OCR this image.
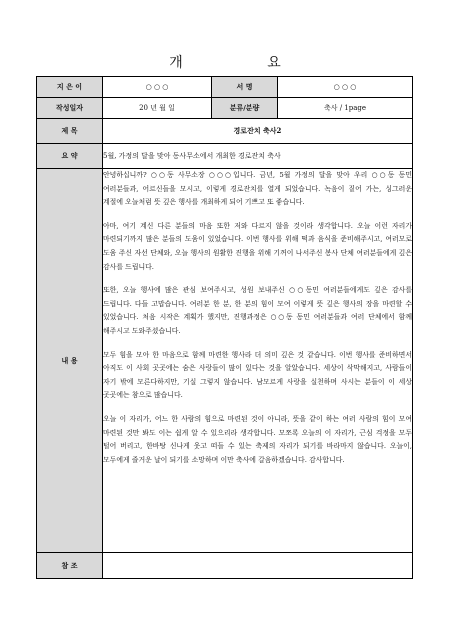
개 요
지 은 이	○ ○ ○	서 명	○ ○ ○
작성일자	20 년 월 일	분류/분량	축사 / 1page
제 목	경로잔치 축사2		
요 약	5월, 가정의 달을 맞아 동사무소에서 개최한 경로잔치 축사		
내 용	안녕하십니까? ○○동 사무소장 ○○○입니다. 금년, 5월 가정의 달을 맞아 우리 ○○동 동민 여러분들과, 어르신들을 모시고, 이렇게 경로잔치를 열게 되었습니다. 녹음이 짙어 가는, 싱그러운 계절에 오늘처럼 뜻 깊은 행사를 개최하게 되어 기쁘고 또 좋습니다.

아마, 여기 계신 다른 분들의 마음 또한 저와 다르지 않을 것이라 생각합니다. 오늘 이런 자리가 마련되기까지 많은 분들의 도움이 있었습니다. 이번 행사를 위해 떡과 음식을 준비해주시고, 여러모로 도움 주신 자선 단체와, 오늘 행사의 원활한 진행을 위해 기꺼이 나서주신 봉사 단체 여러분들에게 깊은 감사를 드립니다.

또한, 오늘 행사에 많은 관심 보여주시고, 성원 보내주신 ○○동민 여러분들에게도 깊은 감사를 드립니다. 다들 고맙습니다. 여러분 한 분, 한 분의 힘이 모여 이렇게 뜻 깊은 행사의 장을 마련할 수 있었습니다. 처음 시작은 계획가 했지만, 진행과정은 ○○동 동민 여러분들과 여러 단체에서 함께 해주시고 도와주셨습니다.

모두 힘을 모아 한 마음으로 함께 마련한 행사라 더 의미 깊은 것 같습니다. 이번 행사를 준비하면서 아직도 이 사회 곳곳에는 숨은 사랑들이 많이 있다는 것을 알았습니다. 세상이 삭막해지고, 사람들이 자기 밖에 모른다하지만, 기실 그렇지 않습니다. 남모르게 사랑을 실천하며 사시는 분들이 이 세상 곳곳에는 참으로 많습니다.

오늘 이 자리가, 어느 한 사람의 힘으로 마련된 것이 아니라, 뜻을 같이 하는 여러 사람의 힘이 모여 마련된 것만 봐도 이는 쉽게 알 수 있으리라 생각합니다. 모쪼록 오늘의 이 자리가, 근심 걱정을 모두 털어 버리고, 한바탕 신나게 웃고 떠들 수 있는 축제의 자리가 되기를 바라마지 않습니다. 오늘이, 모두에게 즐거운 날이 되기를 소망하며 이만 축사에 갈음하겠습니다. 감사합니다.		

참 조			
